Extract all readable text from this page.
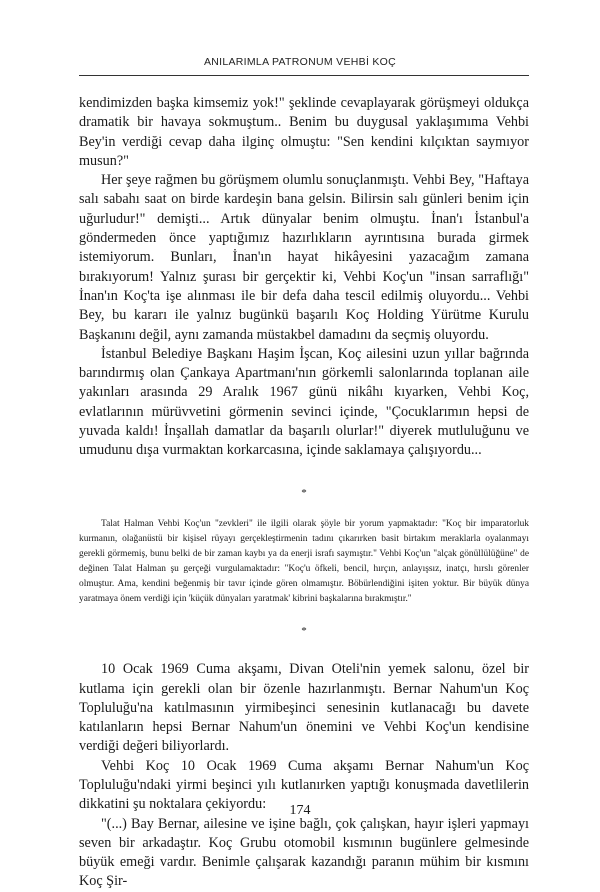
ANILARIMLA PATRONUM VEHBİ KOÇ

kendimizden başka kimsemiz yok!" şeklinde cevaplayarak görüşmeyi oldukça dramatik bir havaya sokmuştum.. Benim bu duygusal yaklaşımıma Vehbi Bey'in verdiği cevap daha ilginç olmuştu: "Sen kendini kılçıktan saymıyor musun?"

Her şeye rağmen bu görüşmem olumlu sonuçlanmıştı. Vehbi Bey, "Haftaya salı sabahı saat on birde kardeşin bana gelsin. Bilirsin salı günleri benim için uğurludur!" demişti... Artık dünyalar benim olmuştu. İnan'ı İstanbul'a göndermeden önce yaptığımız hazırlıkların ayrıntısına burada girmek istemiyorum. Bunları, İnan'ın hayat hikâyesini yazacağım zamana bırakıyorum! Yalnız şurası bir gerçektir ki, Vehbi Koç'un "insan sarraflığı" İnan'ın Koç'ta işe alınması ile bir defa daha tescil edilmiş oluyordu... Vehbi Bey, bu kararı ile yalnız bugünkü başarılı Koç Holding Yürütme Kurulu Başkanını değil, aynı zamanda müstakbel damadını da seçmiş oluyordu.

İstanbul Belediye Başkanı Haşim İşcan, Koç ailesini uzun yıllar bağrında barındırmış olan Çankaya Apartmanı'nın görkemli salonlarında toplanan aile yakınları arasında 29 Aralık 1967 günü nikâhı kıyarken, Vehbi Koç, evlatlarının mürüvvetini görmenin sevinci içinde, "Çocuklarımın hepsi de yuvada kaldı! İnşallah damatlar da başarılı olurlar!" diyerek mutluluğunu ve umudunu dışa vurmaktan korkarcasına, içinde saklamaya çalışıyordu...

*

Talat Halman Vehbi Koç'un "zevkleri" ile ilgili olarak şöyle bir yorum yapmaktadır: "Koç bir imparatorluk kurmanın, olağanüstü bir kişisel rüyayı gerçekleştirmenin tadını çıkarırken basit birtakım meraklarla oyalanmayı gerekli görmemiş, bunu belki de bir zaman kaybı ya da enerji israfı saymıştır." Vehbi Koç'un "alçak gönüllülüğüne" de değinen Talat Halman şu gerçeği vurgulamaktadır: "Koç'u öfkeli, bencil, hırçın, anlayışsız, inatçı, hırslı görenler olmuştur. Ama, kendini beğenmiş bir tavır içinde gören olmamıştır. Böbürlendiğini işiten yoktur. Bir büyük dünya yaratmaya önem verdiği için 'küçük dünyaları yaratmak' kibrini başkalarına bırakmıştır."

*

10 Ocak 1969 Cuma akşamı, Divan Oteli'nin yemek salonu, özel bir kutlama için gerekli olan bir özenle hazırlanmıştı. Bernar Nahum'un Koç Topluluğu'na katılmasının yirmibeşinci senesinin kutlanacağı bu davete katılanların hepsi Bernar Nahum'un önemini ve Vehbi Koç'un kendisine verdiği değeri biliyorlardı.

Vehbi Koç 10 Ocak 1969 Cuma akşamı Bernar Nahum'un Koç Topluluğu'ndaki yirmi beşinci yılı kutlanırken yaptığı konuşmada davetlilerin dikkatini şu noktalara çekiyordu:

"(...) Bay Bernar, ailesine ve işine bağlı, çok çalışkan, hayır işleri yapmayı seven bir arkadaştır. Koç Grubu otomobil kısmının bugünlere gelmesinde büyük emeği vardır. Benimle çalışarak kazandığı paranın mühim bir kısmını Koç Şir-

174
